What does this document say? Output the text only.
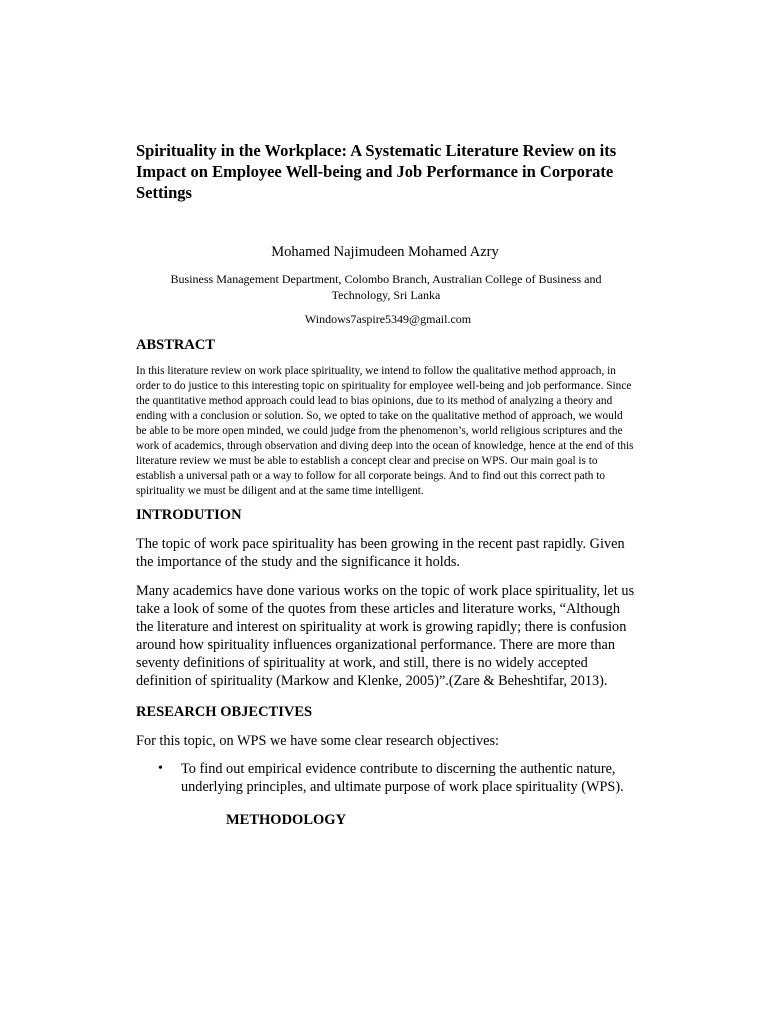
Spirituality in the Workplace: A Systematic Literature Review on its Impact on Employee Well-being and Job Performance in Corporate Settings

Mohamed Najimudeen Mohamed Azry

Business Management Department, Colombo Branch, Australian College of Business and Technology, Sri Lanka

Windows7aspire5349@gmail.com

ABSTRACT

In this literature review on work place spirituality, we intend to follow the qualitative method approach, in order to do justice to this interesting topic on spirituality for employee well-being and job performance. Since the quantitative method approach could lead to bias opinions, due to its method of analyzing a theory and ending with a conclusion or solution. So, we opted to take on the qualitative method of approach, we would be able to be more open minded, we could judge from the phenomenon’s, world religious scriptures and the work of academics, through observation and diving deep into the ocean of knowledge, hence at the end of this literature review we must be able to establish a concept clear and precise on WPS. Our main goal is to establish a universal path or a way to follow for all corporate beings. And to find out this correct path to spirituality we must be diligent and at the same time intelligent.

INTRODUTION

The topic of work pace spirituality has been growing in the recent past rapidly. Given the importance of the study and the significance it holds.

Many academics have done various works on the topic of work place spirituality, let us take a look of some of the quotes from these articles and literature works, “Although the literature and interest on spirituality at work is growing rapidly; there is confusion around how spirituality influences organizational performance. There are more than seventy definitions of spirituality at work, and still, there is no widely accepted definition of spirituality (Markow and Klenke, 2005)”.(Zare & Beheshtifar, 2013).

RESEARCH OBJECTIVES

For this topic, on WPS we have some clear research objectives:

• To find out empirical evidence contribute to discerning the authentic nature, underlying principles, and ultimate purpose of work place spirituality (WPS).
METHODOLOGY
